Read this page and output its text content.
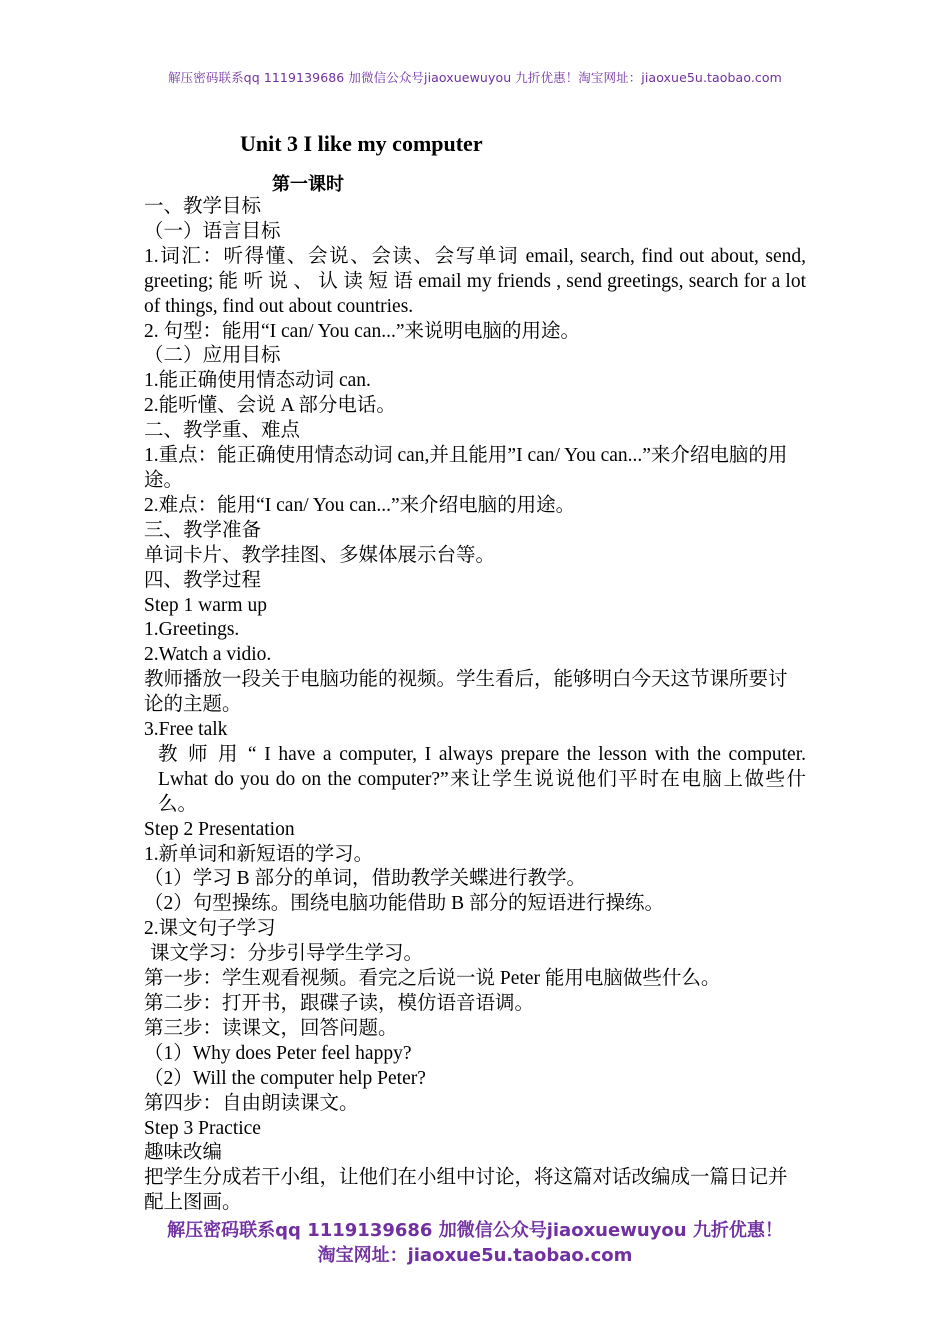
解压密码联系qq 1119139686 加微信公众号jiaoxuewuyou 九折优惠！淘宝网址：jiaoxue5u.taobao.com
Unit 3 I like my computer
第一课时

一、教学目标

（一）语言目标

1.词汇：听得懂、会说、会读、会写单词 email, search, find out about, send, greeting; 能 听 说 、 认 读 短 语 email my friends , send greetings, search for a lot of things, find out about countries.

2. 句型：能用“I can/ You can...”来说明电脑的用途。

（二）应用目标

1.能正确使用情态动词 can.

2.能听懂、会说 A 部分电话。

二、教学重、难点

1.重点：能正确使用情态动词 can,并且能用”I can/ You can...”来介绍电脑的用途。

2.难点：能用“I can/ You can...”来介绍电脑的用途。

三、教学准备

单词卡片、教学挂图、多媒体展示台等。

四、教学过程

Step 1 warm up

1.Greetings.

2.Watch a vidio.

教师播放一段关于电脑功能的视频。学生看后，能够明白今天这节课所要讨论的主题。

3.Free talk

教 师 用 “ I have a computer, I always prepare the lesson with the computer. Lwhat do you do on the computer?”来让学生说说他们平时在电脑上做些什么。

Step 2 Presentation

1.新单词和新短语的学习。

（1）学习 B 部分的单词，借助教学关蝶进行教学。

（2）句型操练。围绕电脑功能借助 B 部分的短语进行操练。

2.课文句子学习

课文学习：分步引导学生学习。

第一步：学生观看视频。看完之后说一说 Peter 能用电脑做些什么。

第二步：打开书，跟碟子读，模仿语音语调。

第三步：读课文，回答问题。

（1）Why does Peter feel happy?

（2）Will the computer help Peter?

第四步：自由朗读课文。

Step 3 Practice

趣味改编

把学生分成若干小组，让他们在小组中讨论，将这篇对话改编成一篇日记并配上图画。

解压密码联系qq 1119139686 加微信公众号jiaoxuewuyou 九折优惠！

淘宝网址：jiaoxue5u.taobao.com
